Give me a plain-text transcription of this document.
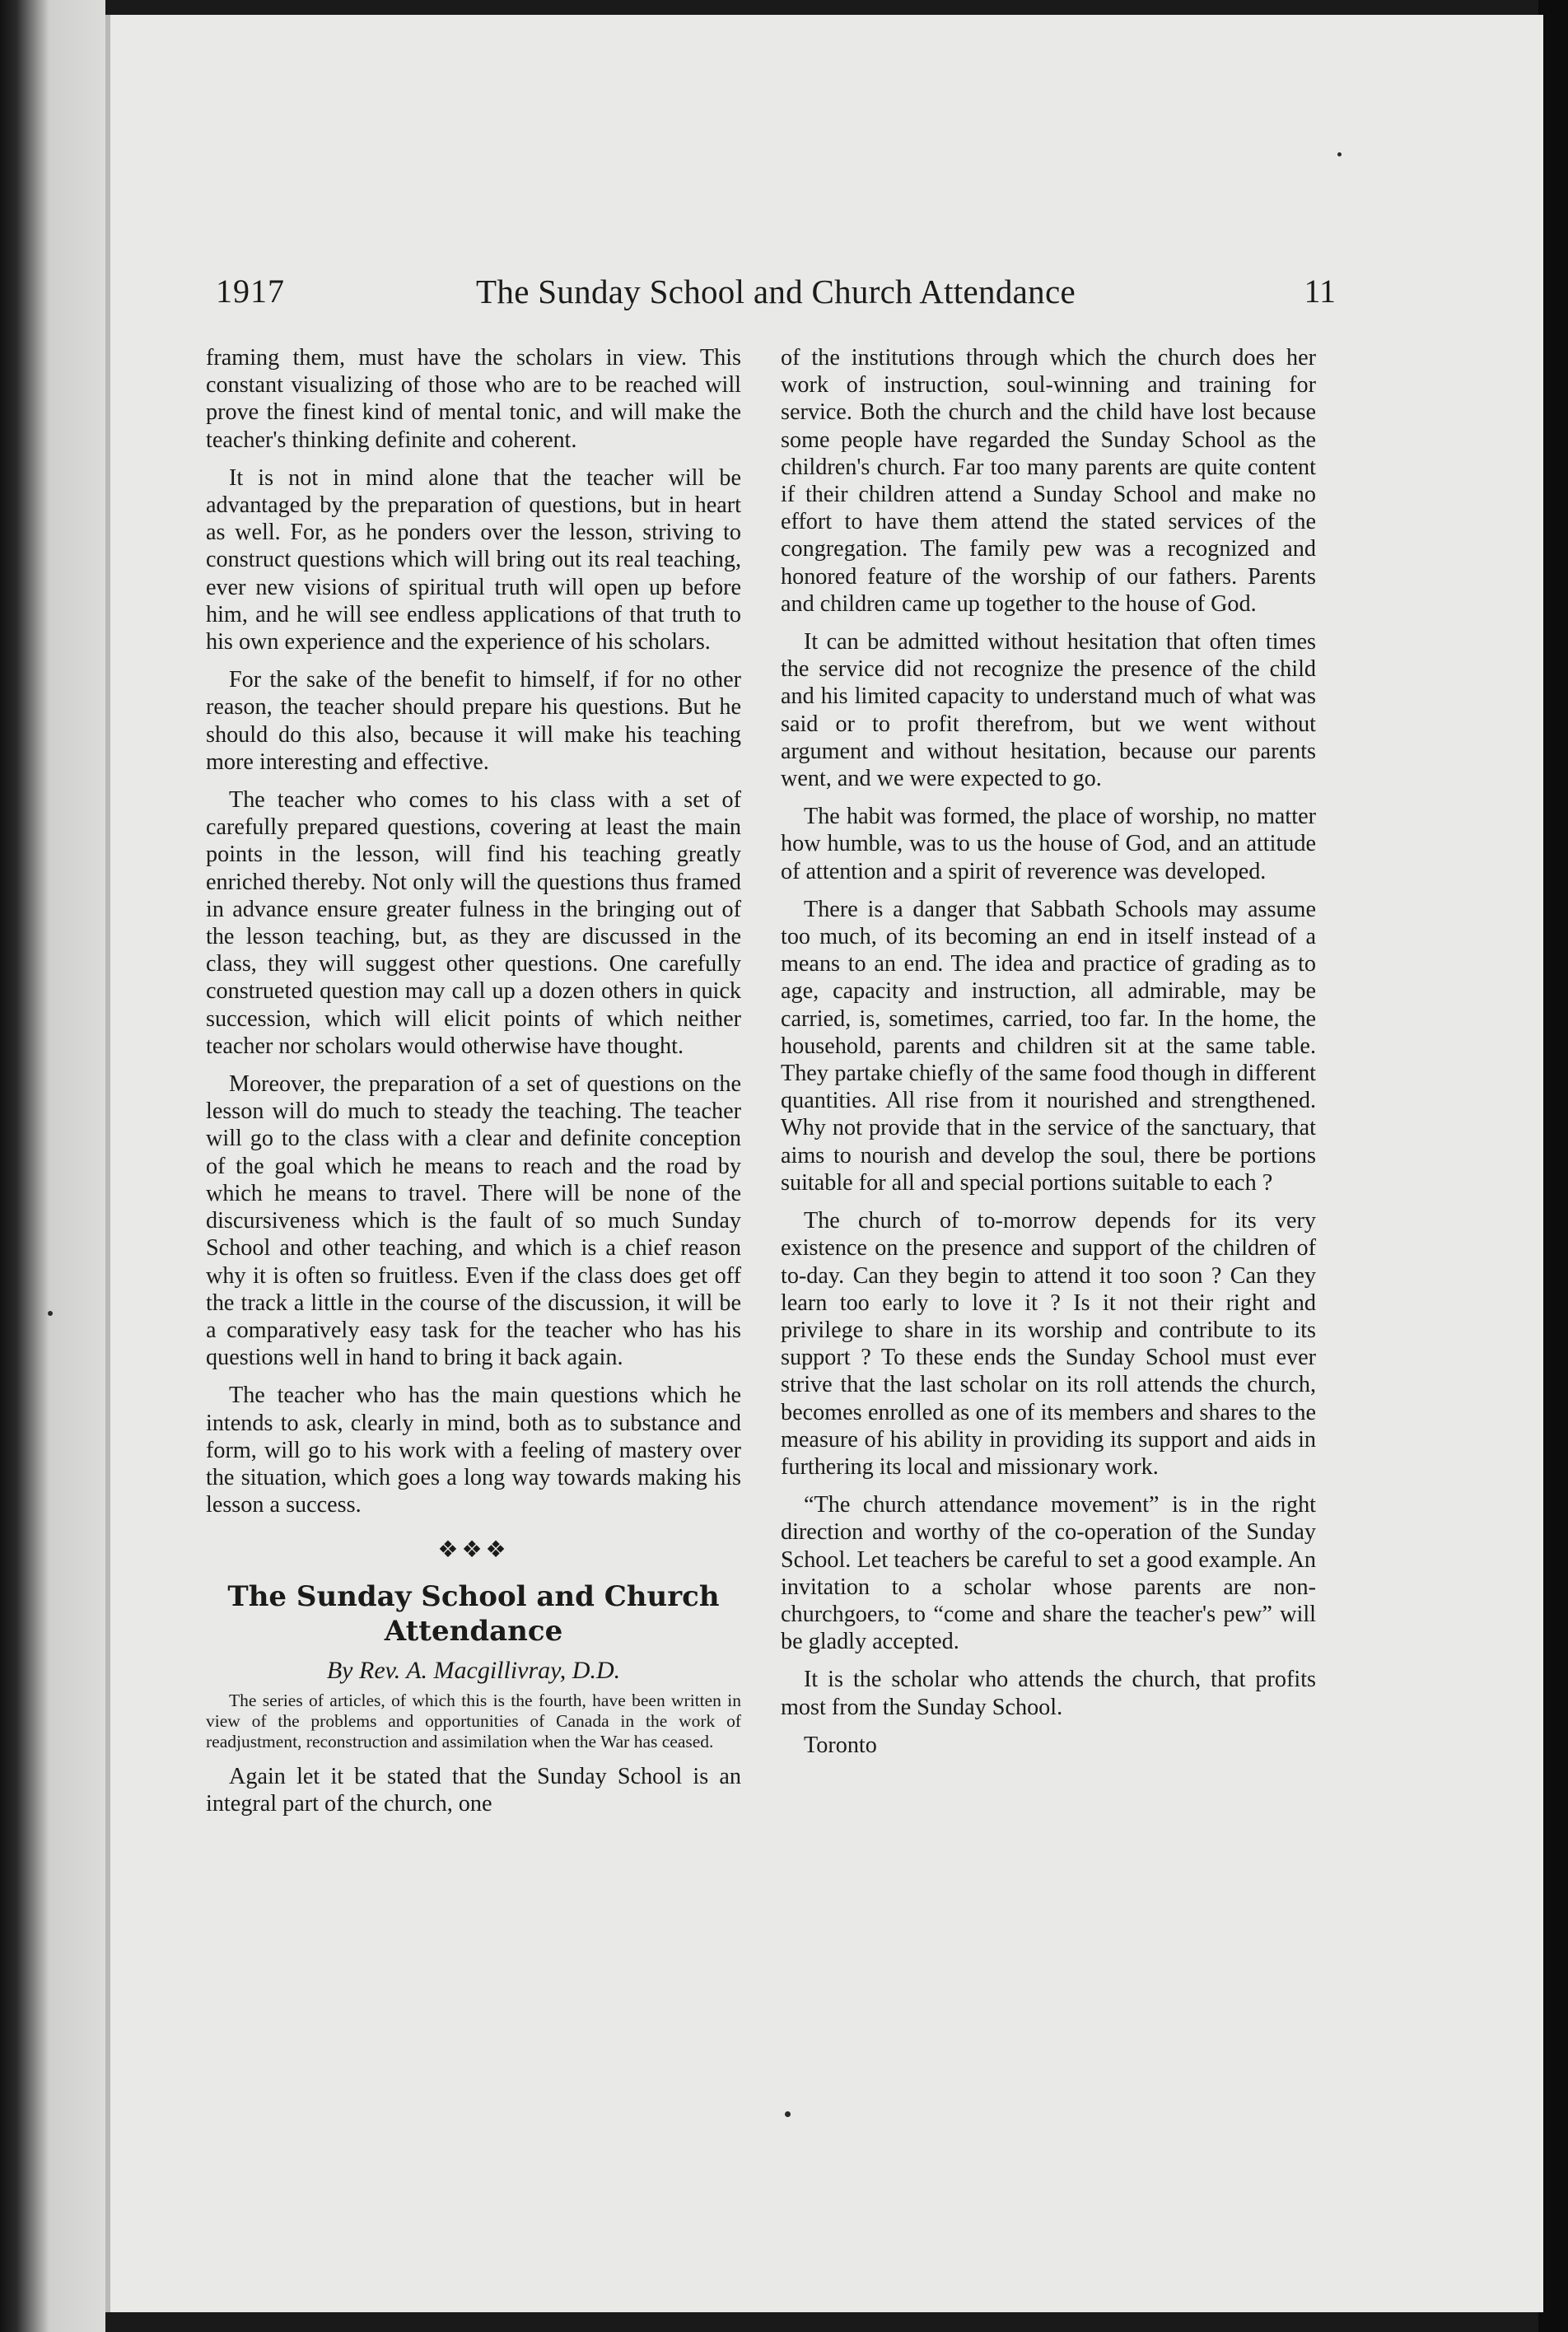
1917	The Sunday School and Church Attendance	11

framing them, must have the scholars in view. This constant visualizing of those who are to be reached will prove the finest kind of mental tonic, and will make the teacher's thinking definite and coherent.

It is not in mind alone that the teacher will be advantaged by the preparation of questions, but in heart as well. For, as he ponders over the lesson, striving to construct questions which will bring out its real teaching, ever new visions of spiritual truth will open up before him, and he will see endless applications of that truth to his own experience and the experience of his scholars.

For the sake of the benefit to himself, if for no other reason, the teacher should prepare his questions. But he should do this also, because it will make his teaching more interesting and effective.

The teacher who comes to his class with a set of carefully prepared questions, covering at least the main points in the lesson, will find his teaching greatly enriched thereby. Not only will the questions thus framed in advance ensure greater fulness in the bringing out of the lesson teaching, but, as they are discussed in the class, they will suggest other questions. One carefully construeted question may call up a dozen others in quick succession, which will elicit points of which neither teacher nor scholars would otherwise have thought.

Moreover, the preparation of a set of questions on the lesson will do much to steady the teaching. The teacher will go to the class with a clear and definite conception of the goal which he means to reach and the road by which he means to travel. There will be none of the discursiveness which is the fault of so much Sunday School and other teaching, and which is a chief reason why it is often so fruitless. Even if the class does get off the track a little in the course of the discussion, it will be a comparatively easy task for the teacher who has his questions well in hand to bring it back again.

The teacher who has the main questions which he intends to ask, clearly in mind, both as to substance and form, will go to his work with a feeling of mastery over the situation, which goes a long way towards making his lesson a success.

❖❖❖
The Sunday School and Church Attendance
By Rev. A. Macgillivray, D.D.

The series of articles, of which this is the fourth, have been written in view of the problems and opportunities of Canada in the work of readjustment, reconstruction and assimilation when the War has ceased.

Again let it be stated that the Sunday School is an integral part of the church, one

of the institutions through which the church does her work of instruction, soul-winning and training for service. Both the church and the child have lost because some people have regarded the Sunday School as the children's church. Far too many parents are quite content if their children attend a Sunday School and make no effort to have them attend the stated services of the congregation. The family pew was a recognized and honored feature of the worship of our fathers. Parents and children came up together to the house of God.

It can be admitted without hesitation that often times the service did not recognize the presence of the child and his limited capacity to understand much of what was said or to profit therefrom, but we went without argument and without hesitation, because our parents went, and we were expected to go.

The habit was formed, the place of worship, no matter how humble, was to us the house of God, and an attitude of attention and a spirit of reverence was developed.

There is a danger that Sabbath Schools may assume too much, of its becoming an end in itself instead of a means to an end. The idea and practice of grading as to age, capacity and instruction, all admirable, may be carried, is, sometimes, carried, too far. In the home, the household, parents and children sit at the same table. They partake chiefly of the same food though in different quantities. All rise from it nourished and strengthened. Why not provide that in the service of the sanctuary, that aims to nourish and develop the soul, there be portions suitable for all and special portions suitable to each ?

The church of to-morrow depends for its very existence on the presence and support of the children of to-day. Can they begin to attend it too soon ? Can they learn too early to love it ? Is it not their right and privilege to share in its worship and contribute to its support ? To these ends the Sunday School must ever strive that the last scholar on its roll attends the church, becomes enrolled as one of its members and shares to the measure of his ability in providing its support and aids in furthering its local and missionary work.

“The church attendance movement” is in the right direction and worthy of the co-operation of the Sunday School. Let teachers be careful to set a good example. An invitation to a scholar whose parents are non-churchgoers, to “come and share the teacher's pew” will be gladly accepted.

It is the scholar who attends the church, that profits most from the Sunday School.

Toronto
